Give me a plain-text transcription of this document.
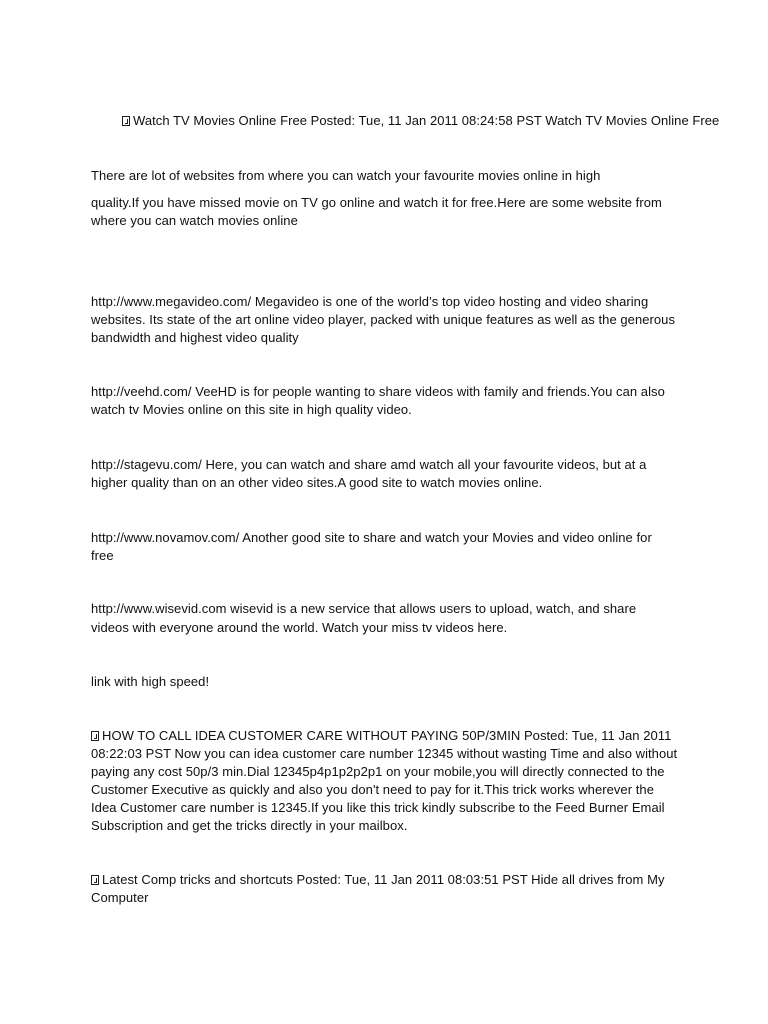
Watch TV Movies Online Free Posted: Tue, 11 Jan 2011 08:24:58 PST Watch TV Movies Online Free
There are lot of websites from where you can watch your favourite movies online in high
quality.If you have missed movie on TV go online and watch it for free.Here are some website from
where you can watch movies online
http://www.megavideo.com/ Megavideo is one of the world’s top video hosting and video sharing
websites. Its state of the art online video player, packed with unique features as well as the generous
bandwidth and highest video quality
http://veehd.com/ VeeHD is for people wanting to share videos with family and friends.You can also
watch tv Movies online on this site in high quality video.
http://stagevu.com/ Here, you can watch and share amd watch all your favourite videos, but at a
higher quality than on an other video sites.A good site to watch movies online.
http://www.novamov.com/ Another good site to share and watch your Movies and video online for
free
http://www.wisevid.com wisevid is a new service that allows users to upload, watch, and share
videos with everyone around the world. Watch your miss tv videos here.
link with high speed!
HOW TO CALL IDEA CUSTOMER CARE WITHOUT PAYING 50P/3MIN Posted: Tue, 11 Jan 2011
08:22:03 PST Now you can idea customer care number 12345 without wasting Time and also without
paying any cost 50p/3 min.Dial 12345p4p1p2p2p1 on your mobile,you will directly connected to the
Customer Executive as quickly and also you don't need to pay for it.This trick works wherever the
Idea Customer care number is 12345.If you like this trick kindly subscribe to the Feed Burner Email
Subscription and get the tricks directly in your mailbox.
Latest Comp tricks and shortcuts Posted: Tue, 11 Jan 2011 08:03:51 PST Hide all drives from My
Computer
